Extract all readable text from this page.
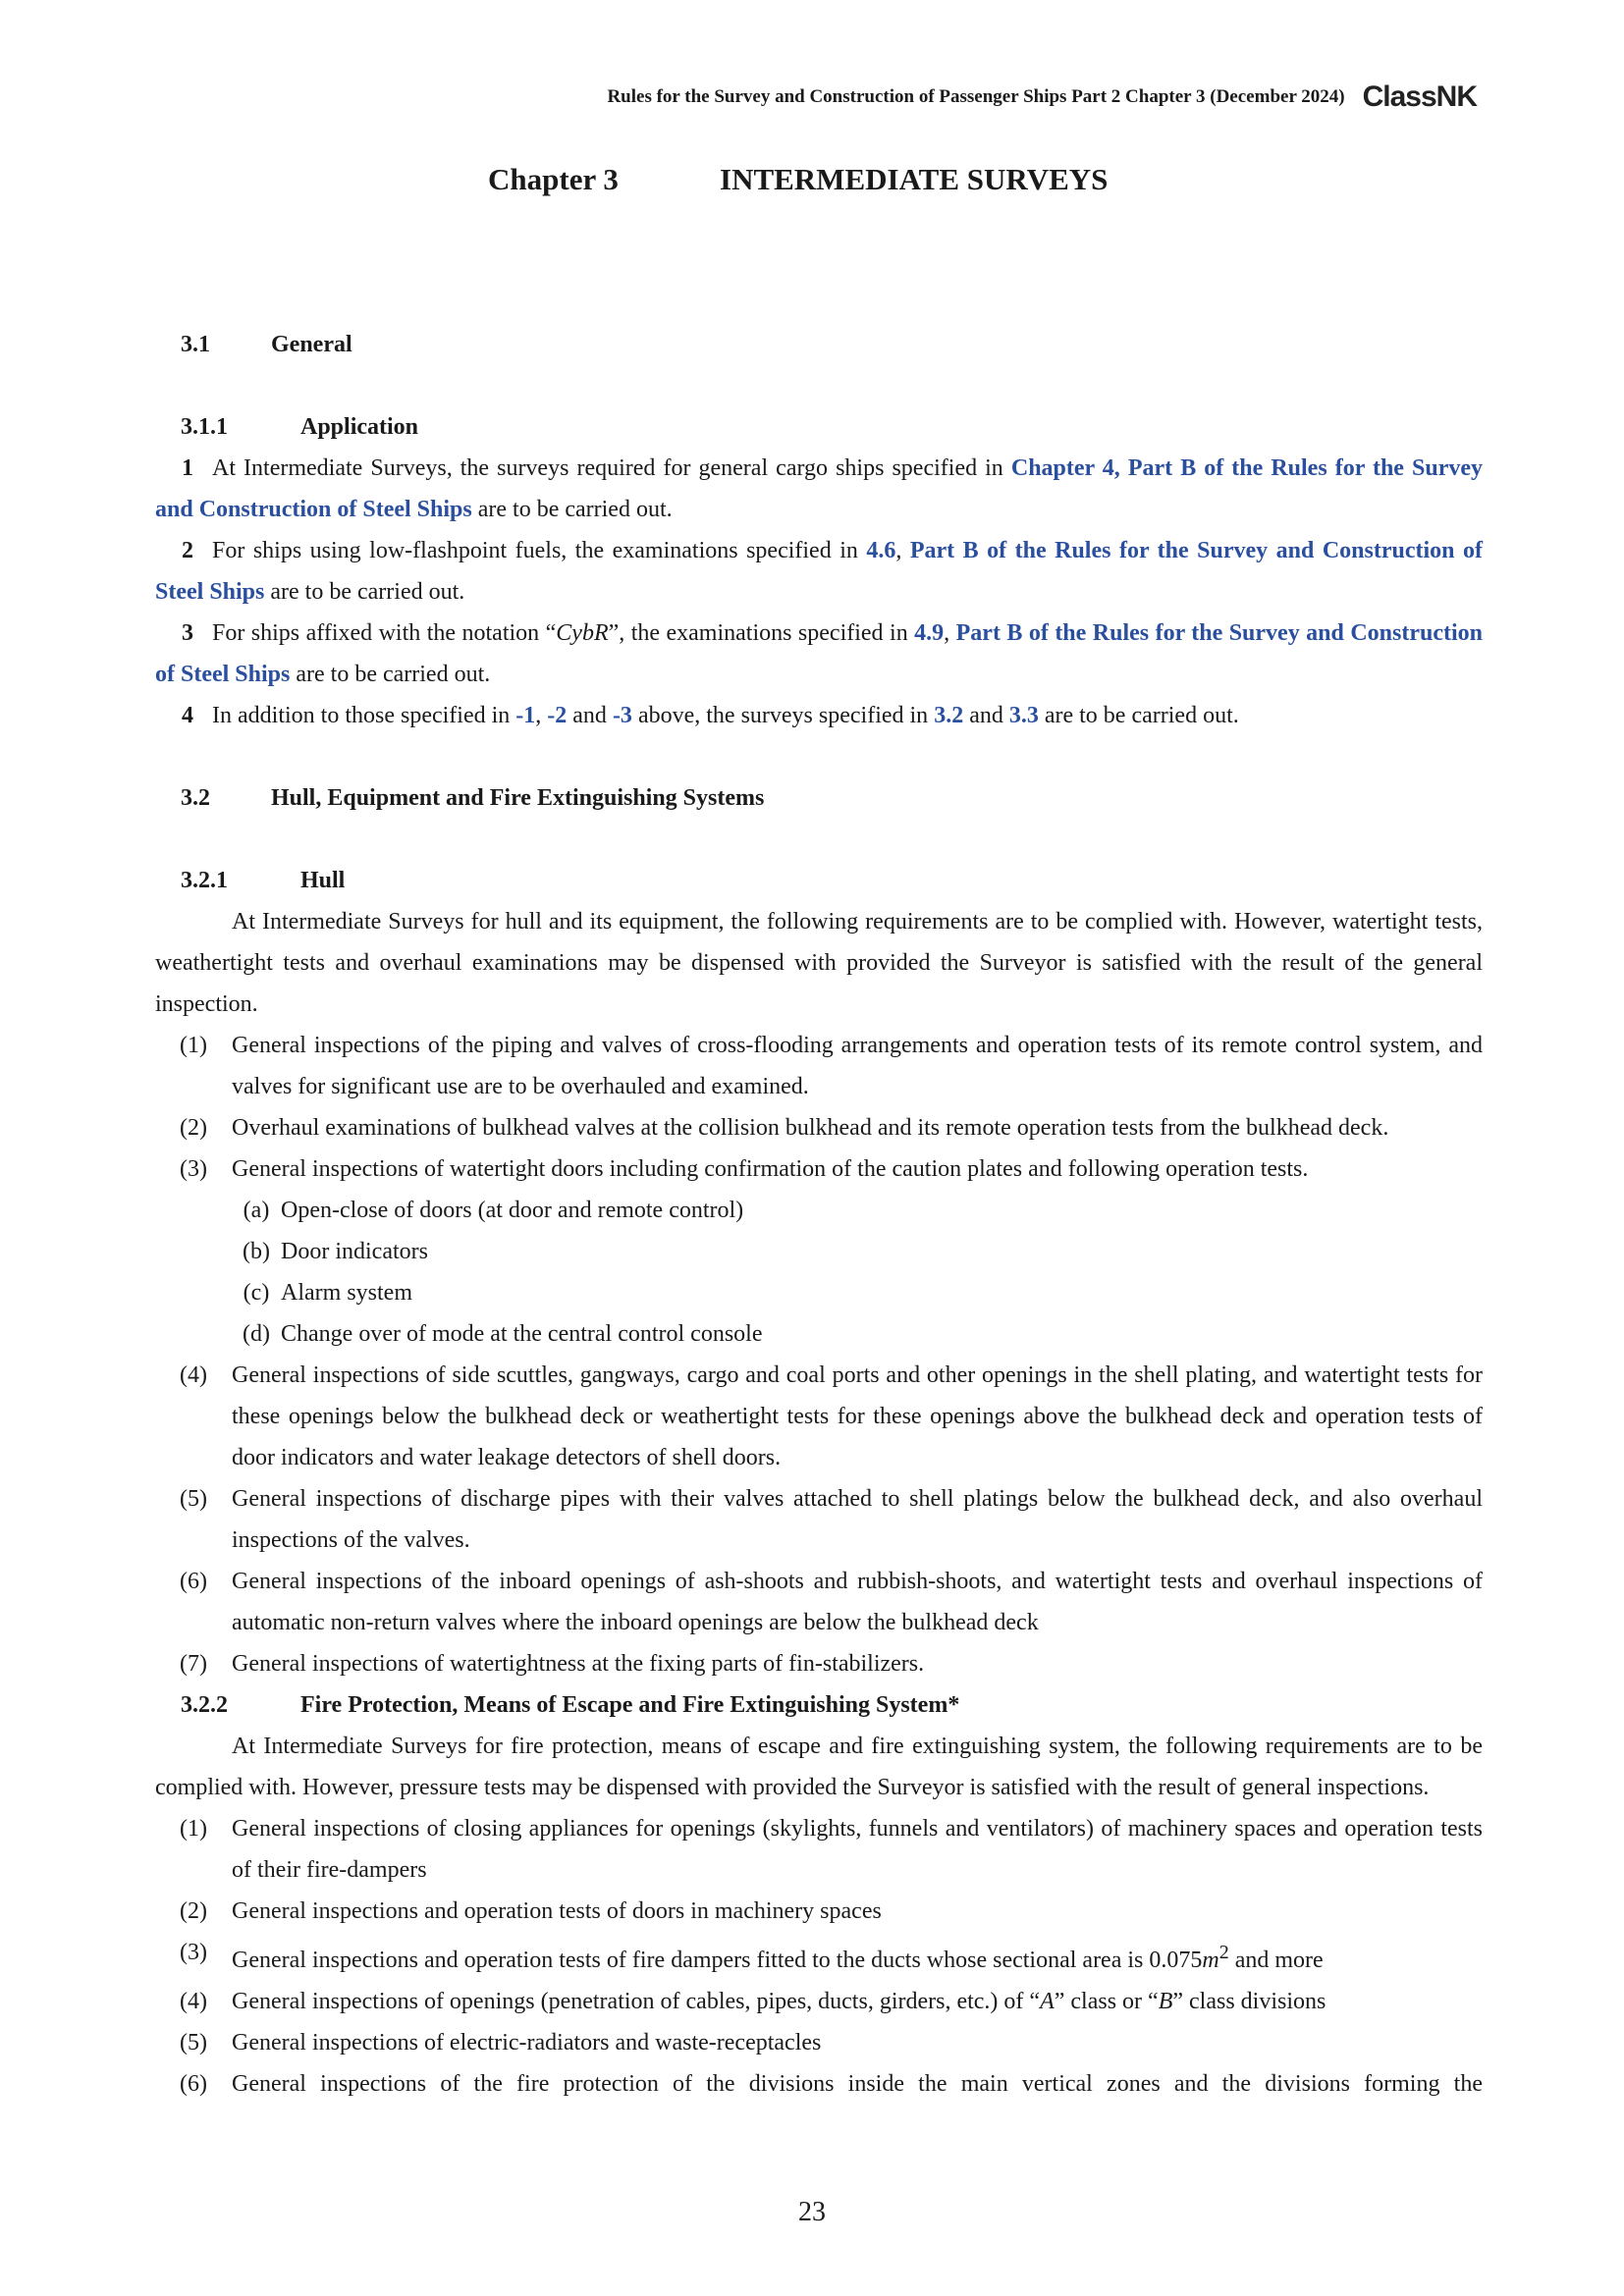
Rules for the Survey and Construction of Passenger Ships Part 2 Chapter 3 (December 2024) ClassNK
Chapter 3	INTERMEDIATE SURVEYS
3.1	General
3.1.1	Application
1 At Intermediate Surveys, the surveys required for general cargo ships specified in Chapter 4, Part B of the Rules for the Survey and Construction of Steel Ships are to be carried out.
2 For ships using low-flashpoint fuels, the examinations specified in 4.6, Part B of the Rules for the Survey and Construction of Steel Ships are to be carried out.
3 For ships affixed with the notation “CybR”, the examinations specified in 4.9, Part B of the Rules for the Survey and Construction of Steel Ships are to be carried out.
4 In addition to those specified in -1, -2 and -3 above, the surveys specified in 3.2 and 3.3 are to be carried out.
3.2	Hull, Equipment and Fire Extinguishing Systems
3.2.1	Hull
At Intermediate Surveys for hull and its equipment, the following requirements are to be complied with. However, watertight tests, weathertight tests and overhaul examinations may be dispensed with provided the Surveyor is satisfied with the result of the general inspection.
(1)	General inspections of the piping and valves of cross-flooding arrangements and operation tests of its remote control system, and valves for significant use are to be overhauled and examined.
(2)	Overhaul examinations of bulkhead valves at the collision bulkhead and its remote operation tests from the bulkhead deck.
(3)	General inspections of watertight doors including confirmation of the caution plates and following operation tests.
(a) Open-close of doors (at door and remote control)
(b) Door indicators
(c) Alarm system
(d) Change over of mode at the central control console
(4)	General inspections of side scuttles, gangways, cargo and coal ports and other openings in the shell plating, and watertight tests for these openings below the bulkhead deck or weathertight tests for these openings above the bulkhead deck and operation tests of door indicators and water leakage detectors of shell doors.
(5)	General inspections of discharge pipes with their valves attached to shell platings below the bulkhead deck, and also overhaul inspections of the valves.
(6)	General inspections of the inboard openings of ash-shoots and rubbish-shoots, and watertight tests and overhaul inspections of automatic non-return valves where the inboard openings are below the bulkhead deck
(7)	General inspections of watertightness at the fixing parts of fin-stabilizers.
3.2.2	Fire Protection, Means of Escape and Fire Extinguishing System*
At Intermediate Surveys for fire protection, means of escape and fire extinguishing system, the following requirements are to be complied with. However, pressure tests may be dispensed with provided the Surveyor is satisfied with the result of general inspections.
(1)	General inspections of closing appliances for openings (skylights, funnels and ventilators) of machinery spaces and operation tests of their fire-dampers
(2)	General inspections and operation tests of doors in machinery spaces
(3)	General inspections and operation tests of fire dampers fitted to the ducts whose sectional area is $0.075m^2$ and more
(4)	General inspections of openings (penetration of cables, pipes, ducts, girders, etc.) of “A” class or “B” class divisions
(5)	General inspections of electric-radiators and waste-receptacles
(6)	General inspections of the fire protection of the divisions inside the main vertical zones and the divisions forming the
23
